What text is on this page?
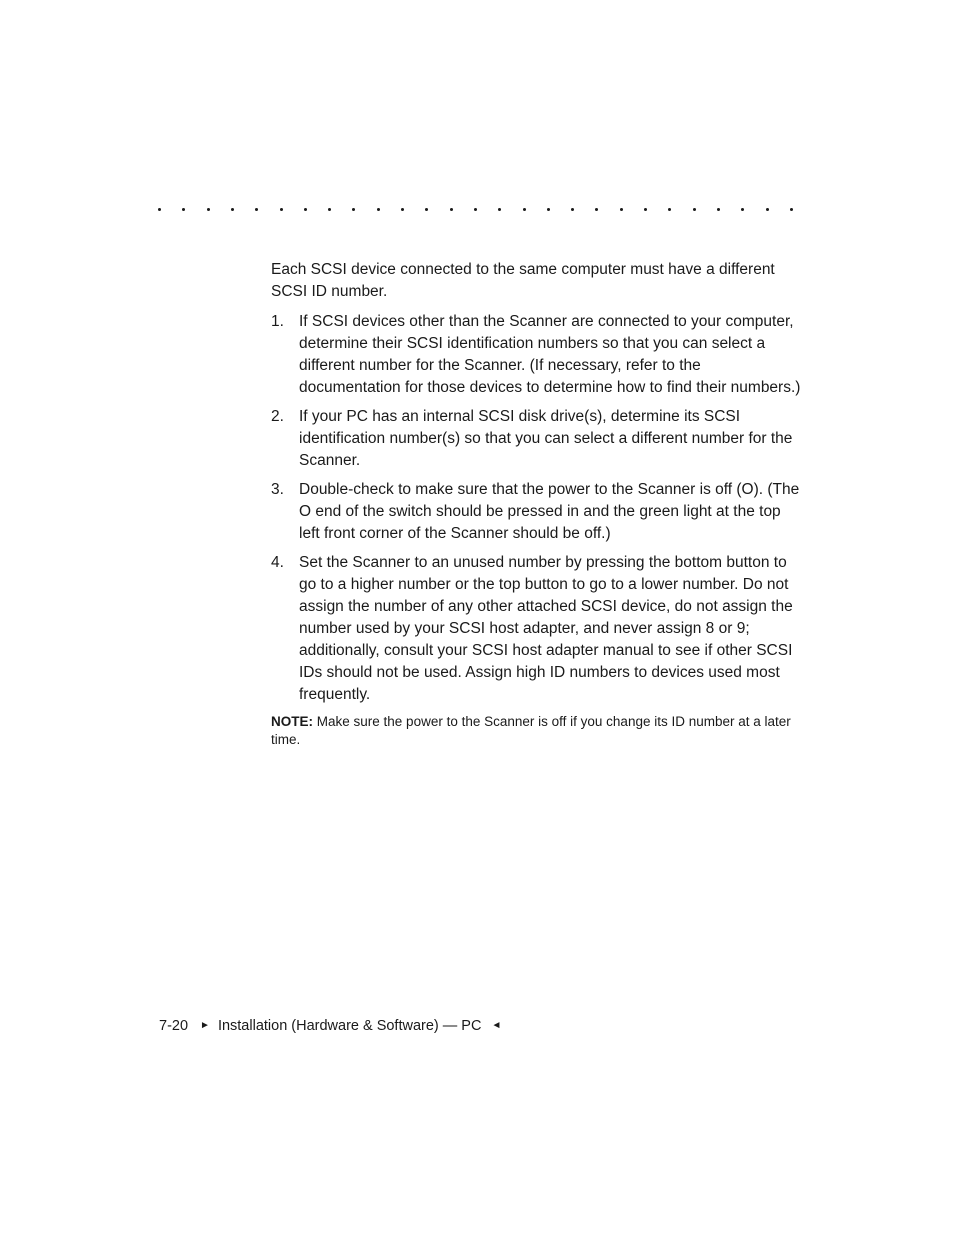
Each SCSI device connected to the same computer must have a different SCSI ID number.

1. If SCSI devices other than the Scanner are connected to your computer, determine their SCSI identification numbers so that you can select a different number for the Scanner. (If necessary, refer to the documentation for those devices to determine how to find their numbers.)
2. If your PC has an internal SCSI disk drive(s), determine its SCSI identification number(s) so that you can select a different number for the Scanner.
3. Double-check to make sure that the power to the Scanner is off (O). (The O end of the switch should be pressed in and the green light at the top left front corner of the Scanner should be off.)
4. Set the Scanner to an unused number by pressing the bottom button to go to a higher number or the top button to go to a lower number. Do not assign the number of any other attached SCSI device, do not assign the number used by your SCSI host adapter, and never assign 8 or 9; additionally, consult your SCSI host adapter manual to see if other SCSI IDs should not be used. Assign high ID numbers to devices used most frequently.

NOTE: Make sure the power to the Scanner is off if you change its ID number at a later time.

7-20 ► Installation (Hardware & Software) — PC ◄
